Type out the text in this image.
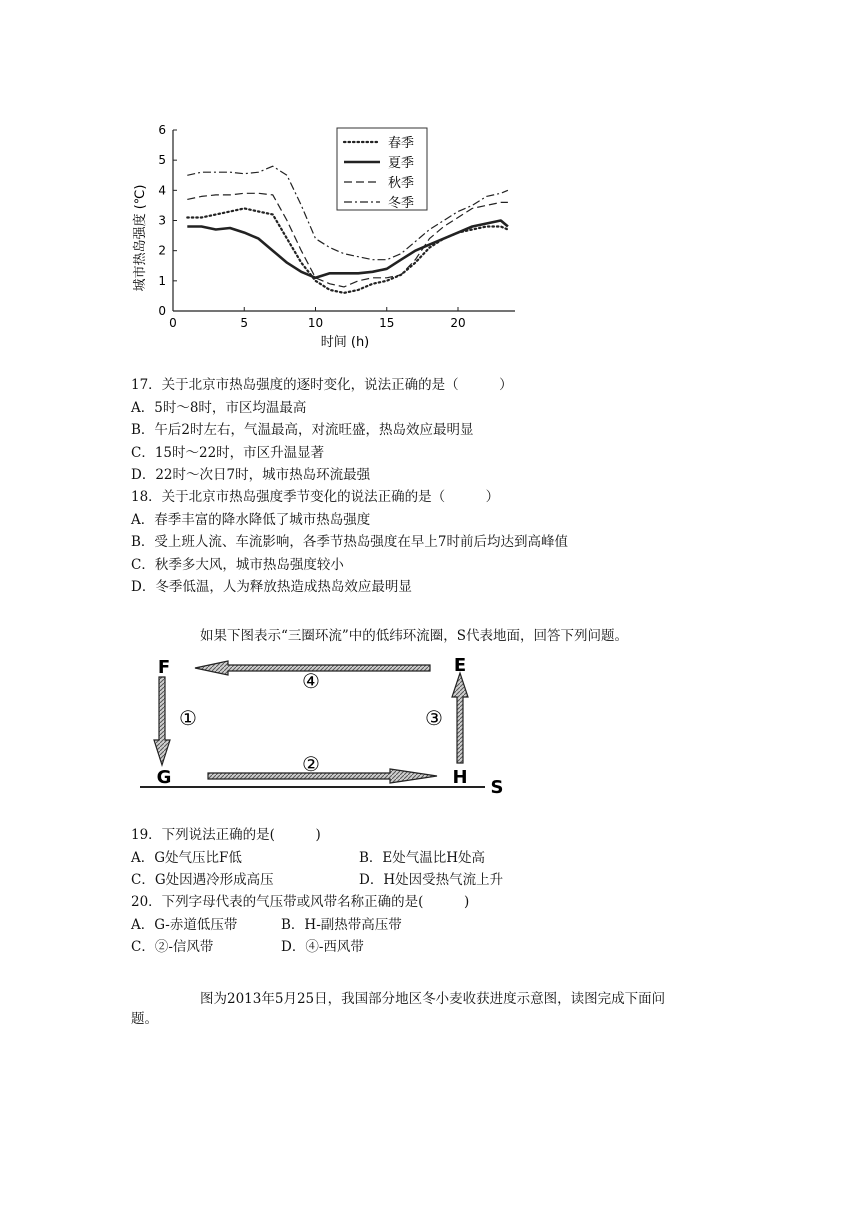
0
1
2
3
4
5
6
0	5	10	15	20
城市热岛强度 (℃)
时间 (h)
春季
夏季
秋季
冬季
17．关于北京市热岛强度的逐时变化，说法正确的是（　　　）
A．5时～8时，市区均温最高
B．午后2时左右，气温最高，对流旺盛，热岛效应最明显
C．15时～22时，市区升温显著
D．22时～次日7时，城市热岛环流最强
18．关于北京市热岛强度季节变化的说法正确的是（　　　）
A．春季丰富的降水降低了城市热岛强度
B．受上班人流、车流影响，各季节热岛强度在早上7时前后均达到高峰值
C．秋季多大风，城市热岛强度较小
D．冬季低温，人为释放热造成热岛效应最明显
如果下图表示“三圈环流”中的低纬环流圈，S代表地面，回答下列问题。
F	E
G	H S
④
①	③
②
19．下列说法正确的是(　　　)
A．G处气压比F低	B．E处气温比H处高
C．G处因遇冷形成高压	D．H处因受热气流上升
20．下列字母代表的气压带或风带名称正确的是(　　　)
A．G-赤道低压带	B．H-副热带高压带
C．②-信风带	D．④-西风带
图为2013年5月25日，我国部分地区冬小麦收获进度示意图，读图完成下面问
题。
